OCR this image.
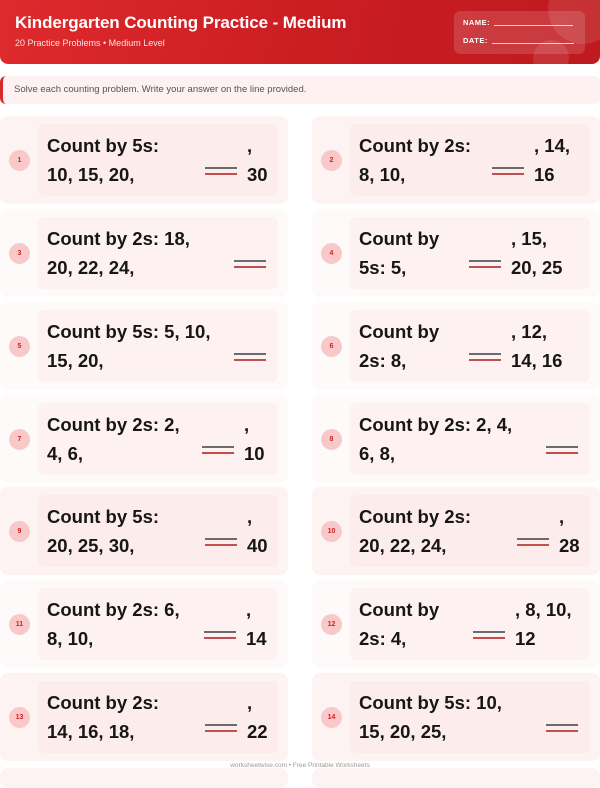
Kindergarten Counting Practice - Medium
20 Practice Problems • Medium Level
NAME:
DATE:
Solve each counting problem. Write your answer on the line provided.
1
Count by 5s:
10, 15, 20,
,
30
2
Count by 2s:
8, 10,
, 14,
16
3
Count by 2s: 18,
20, 22, 24,
4
Count by
5s: 5,
, 15,
20, 25
5
Count by 5s: 5, 10,
15, 20,
6
Count by
2s: 8,
, 12,
14, 16
7
Count by 2s: 2,
4, 6,
,
10
8
Count by 2s: 2, 4,
6, 8,
9
Count by 5s:
20, 25, 30,
,
40
10
Count by 2s:
20, 22, 24,
,
28
11
Count by 2s: 6,
8, 10,
,
14
12
Count by
2s: 4,
, 8, 10,
12
13
Count by 2s:
14, 16, 18,
,
22
14
Count by 5s: 10,
15, 20, 25,
worksheetwise.com • Free Printable Worksheets
